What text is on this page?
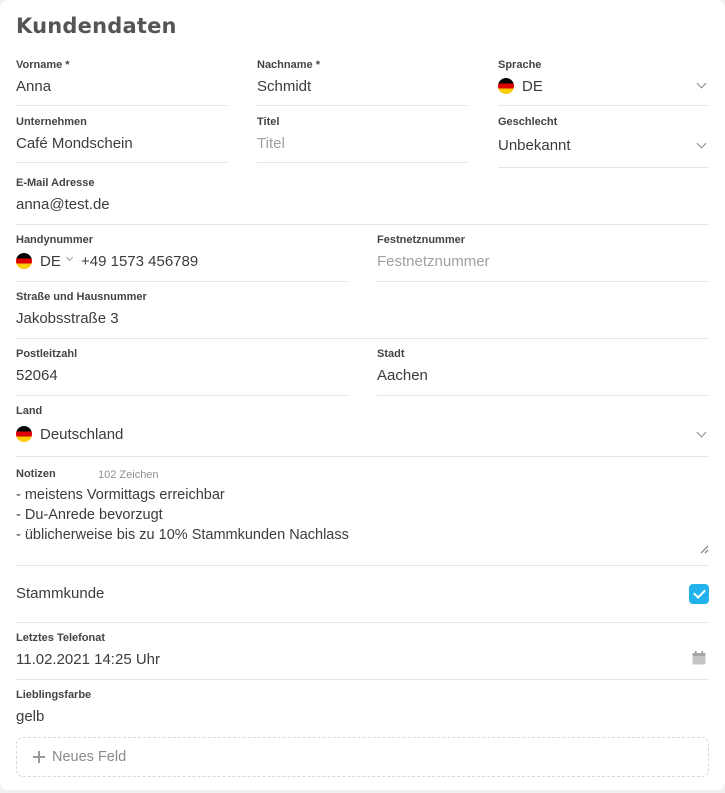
Kundendaten
Vorname *
Anna
Nachname *
Schmidt
Sprache
DE
Unternehmen
Café Mondschein
Titel
Titel
Geschlecht
Unbekannt
E-Mail Adresse
anna@test.de
Handynummer
DE +49 1573 456789
Festnetznummer
Festnetznummer
Straße und Hausnummer
Jakobsstraße 3
Postleitzahl
52064
Stadt
Aachen
Land
Deutschland
Notizen	102 Zeichen
- meistens Vormittags erreichbar
- Du-Anrede bevorzugt
- üblicherweise bis zu 10% Stammkunden Nachlass
Stammkunde
Letztes Telefonat
11.02.2021 14:25 Uhr
Lieblingsfarbe
gelb
Neues Feld
